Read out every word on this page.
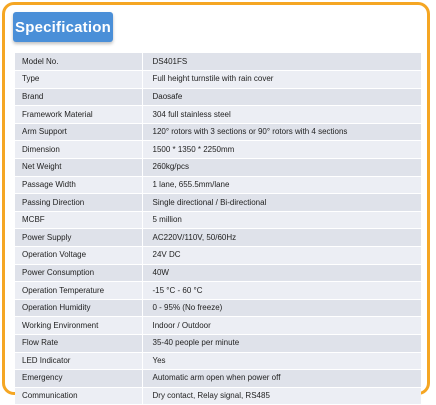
Specification
Model No.	DS401FS
Type	Full height turnstile with rain cover
Brand	Daosafe
Framework Material	304 full stainless steel
Arm Support	120° rotors with 3 sections or 90° rotors with 4 sections
Dimension	1500 * 1350 * 2250mm
Net Weight	260kg/pcs
Passage Width	1 lane, 655.5mm/lane
Passing Direction	Single directional / Bi-directional
MCBF	5 million
Power Supply	AC220V/110V, 50/60Hz
Operation Voltage	24V DC
Power Consumption	40W
Operation Temperature	-15 °C - 60 °C
Operation Humidity	0 - 95% (No freeze)
Working Environment	Indoor / Outdoor
Flow Rate	35-40 people per minute
LED Indicator	Yes
Emergency	Automatic arm open when power off
Communication	Dry contact, Relay signal, RS485
